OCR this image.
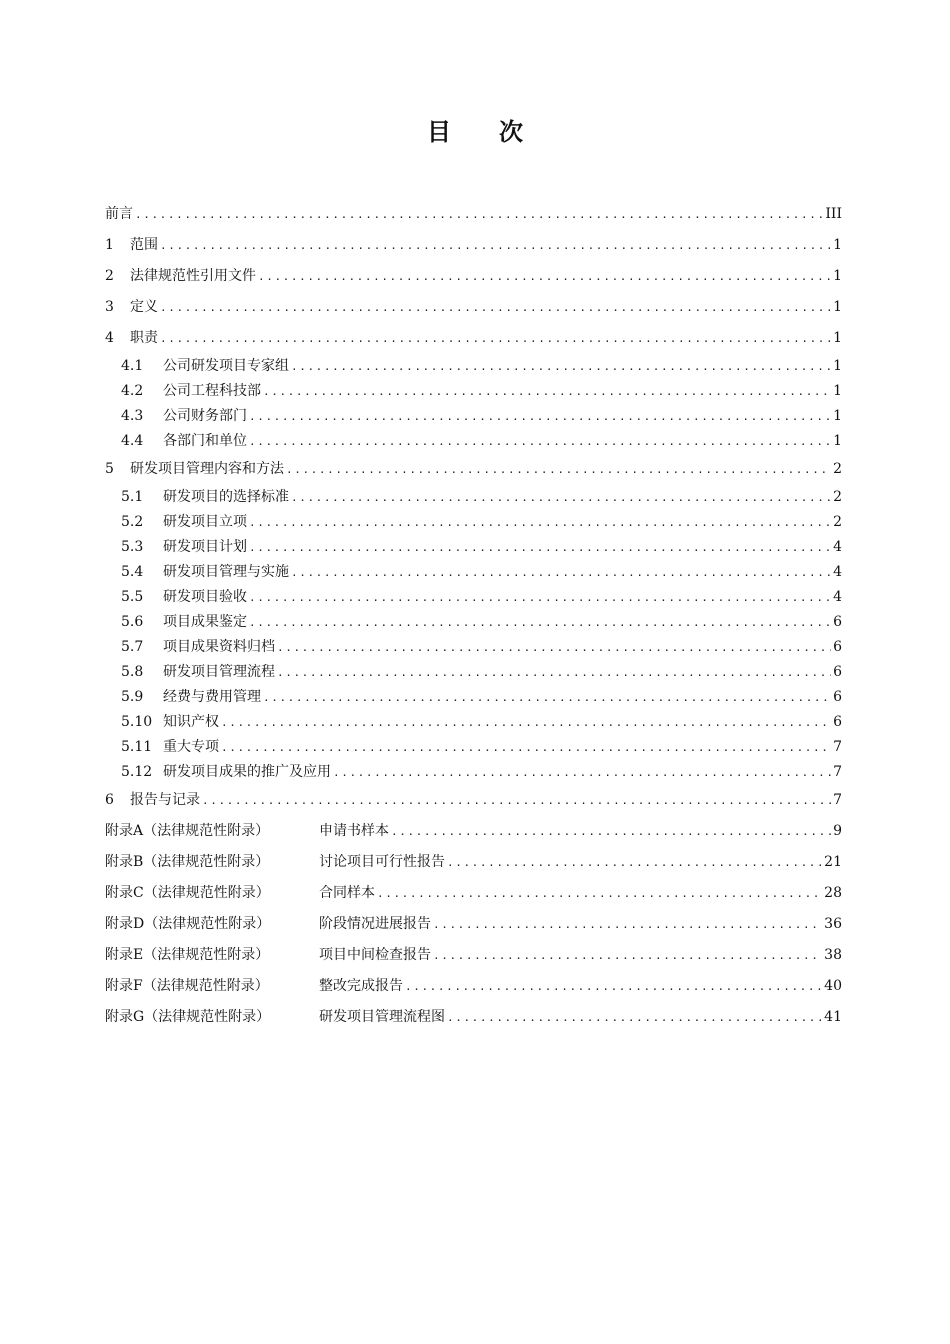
目 次
前言 .....	III
1 范围 .....	1
2 法律规范性引用文件 .....	1
3 定义 .....	1
4 职责 .....	1
4.1 公司研发项目专家组 .....	1
4.2 公司工程科技部 .....	1
4.3 公司财务部门 .....	1
4.4 各部门和单位 .....	1
5 研发项目管理内容和方法 .....	2
5.1 研发项目的选择标准 .....	2
5.2 研发项目立项 .....	2
5.3 研发项目计划 .....	4
5.4 研发项目管理与实施 .....	4
5.5 研发项目验收 .....	4
5.6 项目成果鉴定 .....	6
5.7 项目成果资料归档 .....	6
5.8 研发项目管理流程 .....	6
5.9 经费与费用管理 .....	6
5.10 知识产权 .....	6
5.11 重大专项 .....	7
5.12 研发项目成果的推广及应用 .....	7
6 报告与记录 .....	7
附录A（法律规范性附录）	申请书样本 .....	9
附录B（法律规范性附录）	讨论项目可行性报告 .....	21
附录C（法律规范性附录）	合同样本 .....	28
附录D（法律规范性附录）	阶段情况进展报告 .....	36
附录E（法律规范性附录）	项目中间检查报告 .....	38
附录F（法律规范性附录）	整改完成报告 .....	40
附录G（法律规范性附录）	研发项目管理流程图 .....	41
